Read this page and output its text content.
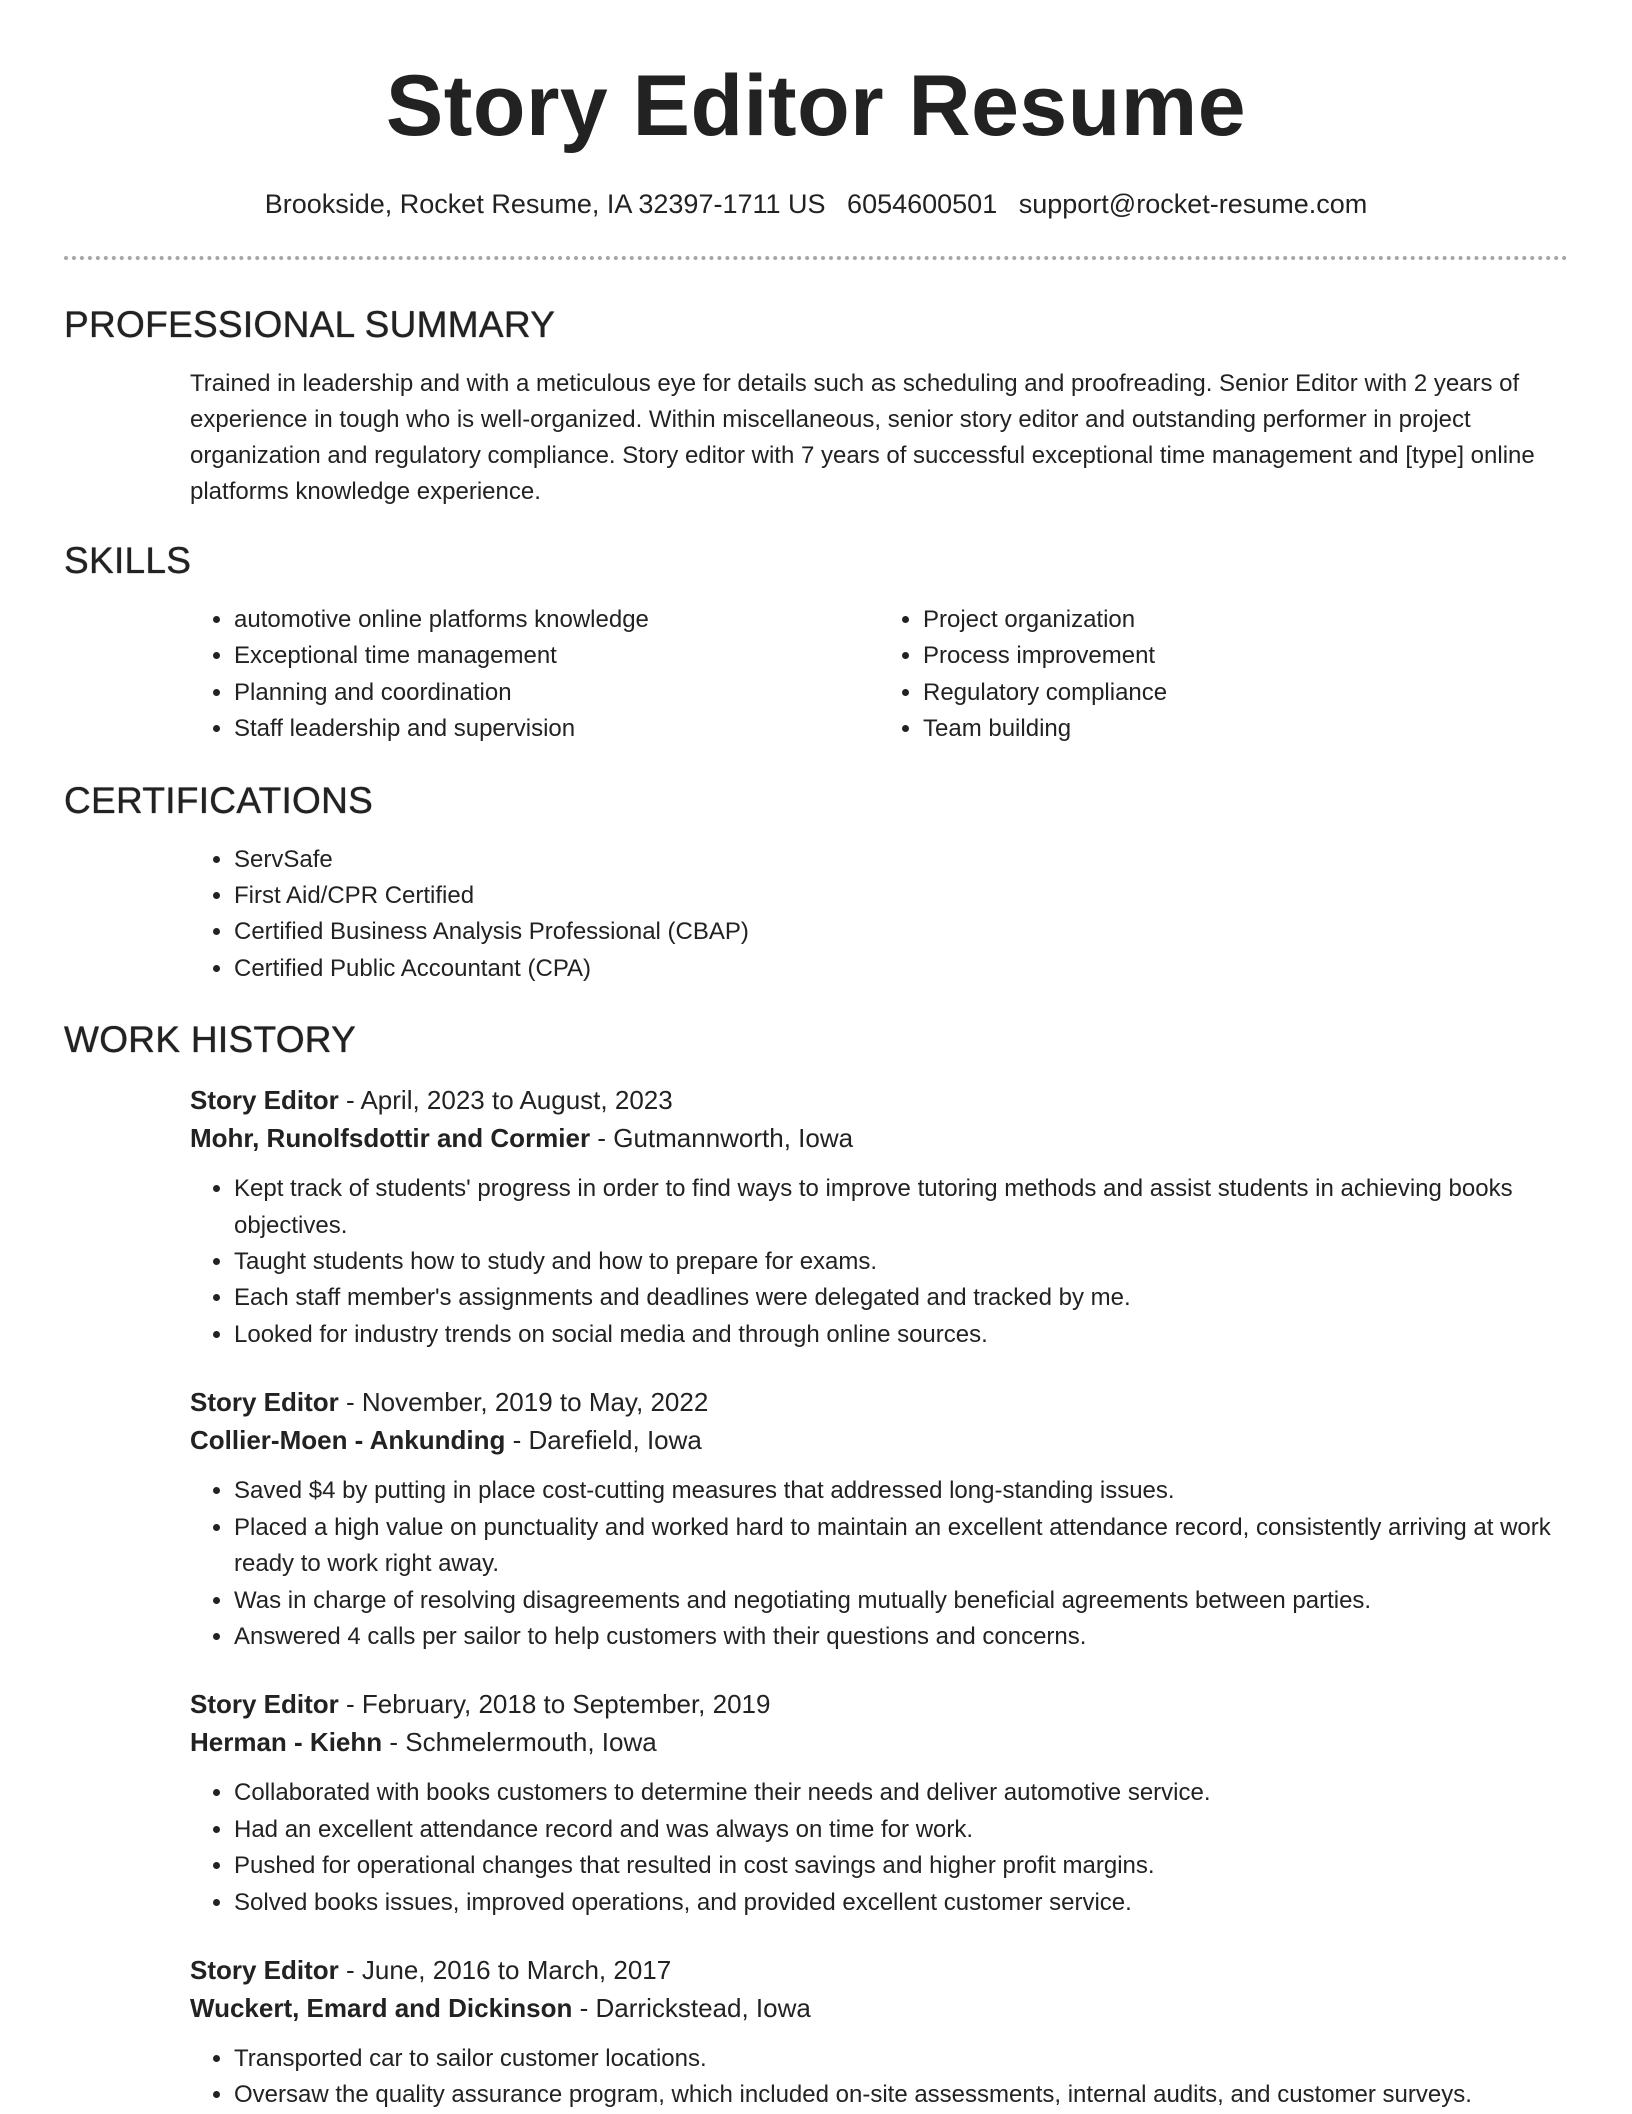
Story Editor Resume
Brookside, Rocket Resume, IA 32397-1711 US 6054600501 support@rocket-resume.com
PROFESSIONAL SUMMARY

Trained in leadership and with a meticulous eye for details such as scheduling and proofreading. Senior Editor with 2 years of experience in tough who is well-organized. Within miscellaneous, senior story editor and outstanding performer in project organization and regulatory compliance. Story editor with 7 years of successful exceptional time management and [type] online platforms knowledge experience.

SKILLS
• automotive online platforms knowledge
• Exceptional time management
• Planning and coordination
• Staff leadership and supervision
• Project organization
• Process improvement
• Regulatory compliance
• Team building
CERTIFICATIONS
• ServSafe
• First Aid/CPR Certified
• Certified Business Analysis Professional (CBAP)
• Certified Public Accountant (CPA)
WORK HISTORY
Story Editor - April, 2023 to August, 2023
Mohr, Runolfsdottir and Cormier - Gutmannworth, Iowa
• Kept track of students' progress in order to find ways to improve tutoring methods and assist students in achieving books objectives.
• Taught students how to study and how to prepare for exams.
• Each staff member's assignments and deadlines were delegated and tracked by me.
• Looked for industry trends on social media and through online sources.
Story Editor - November, 2019 to May, 2022
Collier-Moen - Ankunding - Darefield, Iowa
• Saved $4 by putting in place cost-cutting measures that addressed long-standing issues.
• Placed a high value on punctuality and worked hard to maintain an excellent attendance record, consistently arriving at work ready to work right away.
• Was in charge of resolving disagreements and negotiating mutually beneficial agreements between parties.
• Answered 4 calls per sailor to help customers with their questions and concerns.
Story Editor - February, 2018 to September, 2019
Herman - Kiehn - Schmelermouth, Iowa
• Collaborated with books customers to determine their needs and deliver automotive service.
• Had an excellent attendance record and was always on time for work.
• Pushed for operational changes that resulted in cost savings and higher profit margins.
• Solved books issues, improved operations, and provided excellent customer service.
Story Editor - June, 2016 to March, 2017
Wuckert, Emard and Dickinson - Darrickstead, Iowa
• Transported car to sailor customer locations.
• Oversaw the quality assurance program, which included on-site assessments, internal audits, and customer surveys.
